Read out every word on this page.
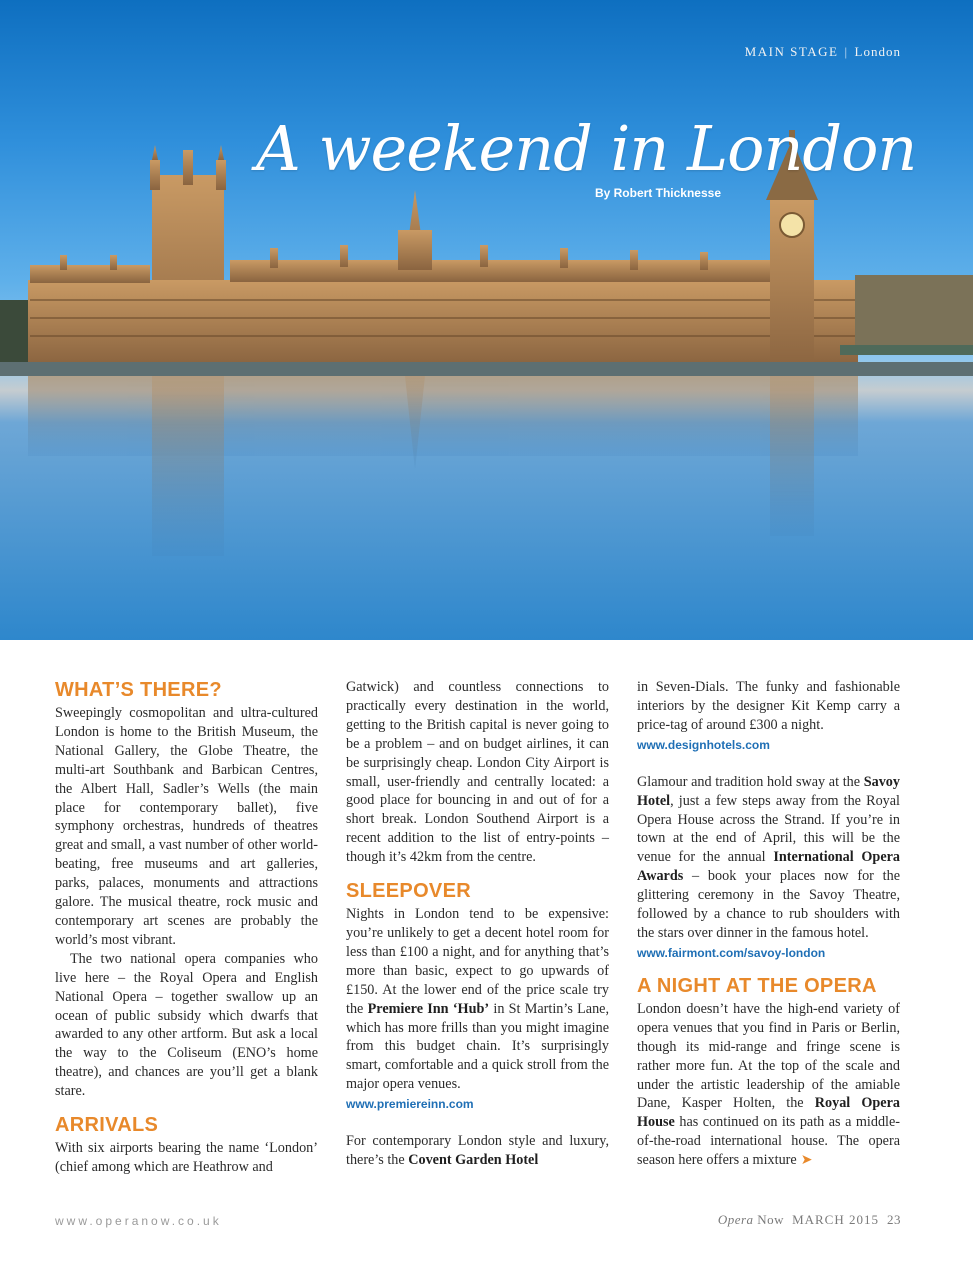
MAIN STAGE | London
A weekend in London
By Robert Thicknesse
WHAT’S THERE?

Sweepingly cosmopolitan and ultra-cultured London is home to the British Museum, the National Gallery, the Globe Theatre, the multi-art Southbank and Barbican Centres, the Albert Hall, Sadler’s Wells (the main place for contemporary ballet), five symphony orchestras, hundreds of theatres great and small, a vast number of other world-beating, free museums and art galleries, parks, palaces, monuments and attractions galore. The musical theatre, rock music and contemporary art scenes are probably the world’s most vibrant.

The two national opera companies who live here – the Royal Opera and English National Opera – together swallow up an ocean of public subsidy which dwarfs that awarded to any other artform. But ask a local the way to the Coliseum (ENO’s home theatre), and chances are you’ll get a blank stare.

ARRIVALS

With six airports bearing the name ‘London’ (chief among which are Heathrow and

Gatwick) and countless connections to practically every destination in the world, getting to the British capital is never going to be a problem – and on budget airlines, it can be surprisingly cheap. London City Airport is small, user-friendly and centrally located: a good place for bouncing in and out of for a short break. London Southend Airport is a recent addition to the list of entry-points – though it’s 42km from the centre.

SLEEPOVER

Nights in London tend to be expensive: you’re unlikely to get a decent hotel room for less than £100 a night, and for anything that’s more than basic, expect to go upwards of £150. At the lower end of the price scale try the Premiere Inn ‘Hub’ in St Martin’s Lane, which has more frills than you might imagine from this budget chain. It’s surprisingly smart, comfortable and a quick stroll from the major opera venues.

www.premiereinn.com

For contemporary London style and luxury, there’s the Covent Garden Hotel

in Seven-Dials. The funky and fashionable interiors by the designer Kit Kemp carry a price-tag of around £300 a night.

www.designhotels.com

Glamour and tradition hold sway at the Savoy Hotel, just a few steps away from the Royal Opera House across the Strand. If you’re in town at the end of April, this will be the venue for the annual International Opera Awards – book your places now for the glittering ceremony in the Savoy Theatre, followed by a chance to rub shoulders with the stars over dinner in the famous hotel.

www.fairmont.com/savoy-london
A NIGHT AT THE OPERA

London doesn’t have the high-end variety of opera venues that you find in Paris or Berlin, though its mid-range and fringe scene is rather more fun. At the top of the scale and under the artistic leadership of the amiable Dane, Kasper Holten, the Royal Opera House has continued on its path as a middle-of-the-road international house. The opera season here offers a mixture ➤

www.operanow.co.uk	Opera Now MARCH 2015 23
